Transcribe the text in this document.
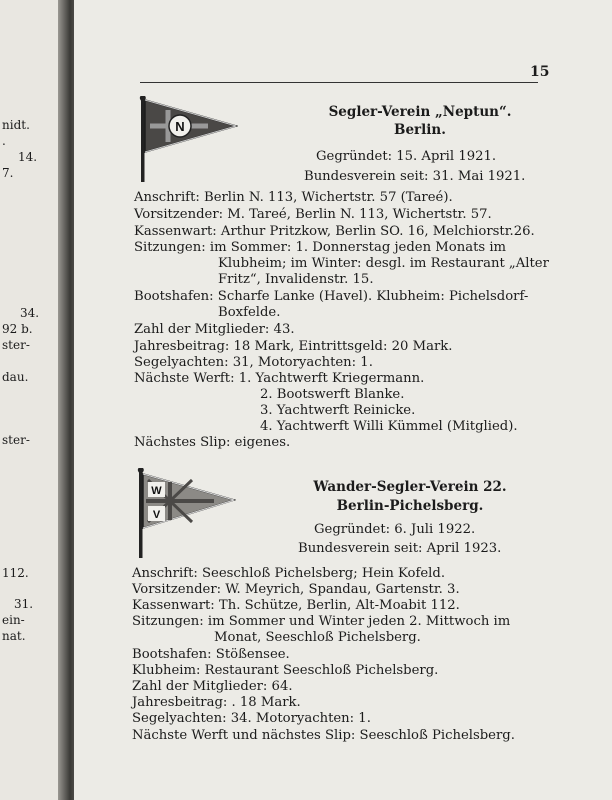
nidt.
.
14.
7.
34.
92 b.
ster-
dau.
ster-
112.
31.
ein-
nat.
15
N
Segler-Verein „Neptun“.
Berlin.
Gegründet: 15. April 1921.
Bundesverein seit: 31. Mai 1921.
Anschrift: Berlin N. 113, Wichertstr. 57 (Tareé).
Vorsitzender: M. Tareé, Berlin N. 113, Wichertstr. 57.
Kassenwart: Arthur Pritzkow, Berlin SO. 16, Melchiorstr.26.
Sitzungen: im Sommer: 1. Donnerstag jeden Monats im
Klubheim; im Winter: desgl. im Restaurant „Alter
Fritz“, Invalidenstr. 15.
Bootshafen: Scharfe Lanke (Havel). Klubheim: Pichelsdorf-
Boxfelde.
Zahl der Mitglieder: 43.
Jahresbeitrag: 18 Mark, Eintrittsgeld: 20 Mark.
Segelyachten: 31, Motoryachten: 1.
Nächste Werft: 1. Yachtwerft Kriegermann.
2. Bootswerft Blanke.
3. Yachtwerft Reinicke.
4. Yachtwerft Willi Kümmel (Mitglied).
Nächstes Slip: eigenes.
W
V
Wander-Segler-Verein 22.
Berlin-Pichelsberg.
Gegründet: 6. Juli 1922.
Bundesverein seit: April 1923.
Anschrift: Seeschloß Pichelsberg; Hein Kofeld.
Vorsitzender: W. Meyrich, Spandau, Gartenstr. 3.
Kassenwart: Th. Schütze, Berlin, Alt-Moabit 112.
Sitzungen: im Sommer und Winter jeden 2. Mittwoch im
Monat, Seeschloß Pichelsberg.
Bootshafen: Stößensee.
Klubheim: Restaurant Seeschloß Pichelsberg.
Zahl der Mitglieder: 64.
Jahresbeitrag: . 18 Mark.
Segelyachten: 34. Motoryachten: 1.
Nächste Werft und nächstes Slip: Seeschloß Pichelsberg.
